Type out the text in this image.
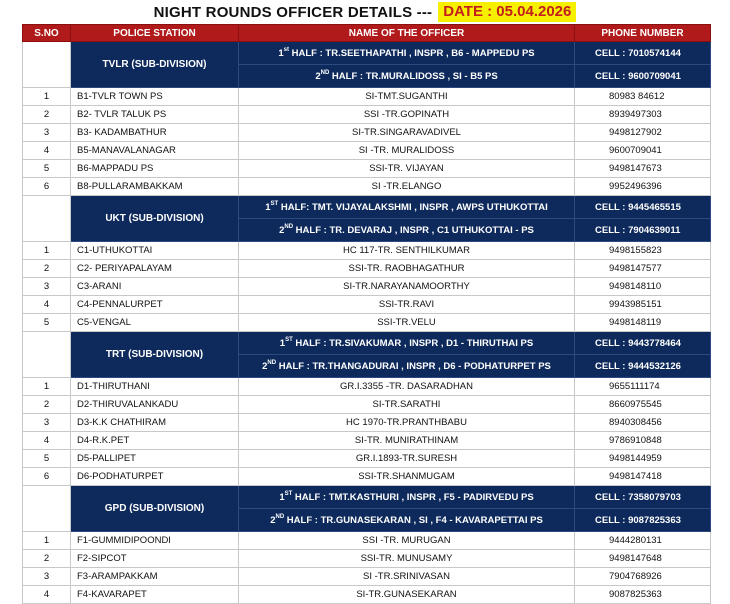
NIGHT ROUNDS OFFICER DETAILS --- DATE : 05.04.2026
S.NO	POLICE STATION	NAME OF THE OFFICER	PHONE NUMBER
	TVLR (SUB-DIVISION)	1st HALF : TR.SEETHAPATHI , INSPR , B6 - MAPPEDU PS	CELL : 7010574144
		2ND HALF : TR.MURALIDOSS , SI - B5 PS	CELL : 9600709041
1	B1-TVLR TOWN PS	SI-TMT.SUGANTHI	80983 84612
2	B2- TVLR TALUK PS	SSI -TR.GOPINATH	8939497303
3	B3- KADAMBATHUR	SI-TR.SINGARAVADIVEL	9498127902
4	B5-MANAVALANAGAR	SI -TR. MURALIDOSS	9600709041
5	B6-MAPPADU PS	SSI-TR. VIJAYAN	9498147673
6	B8-PULLARAMBAKKAM	SI -TR.ELANGO	9952496396
	UKT (SUB-DIVISION)	1ST HALF: TMT. VIJAYALAKSHMI , INSPR , AWPS UTHUKOTTAI	CELL : 9445465515
		2ND HALF : TR. DEVARAJ , INSPR , C1 UTHUKOTTAI - PS	CELL : 7904639011
1	C1-UTHUKOTTAI	HC 117-TR. SENTHILKUMAR	9498155823
2	C2- PERIYAPALAYAM	SSI-TR. RAOBHAGATHUR	9498147577
3	C3-ARANI	SI-TR.NARAYANAMOORTHY	9498148110
4	C4-PENNALURPET	SSI-TR.RAVI	9943985151
5	C5-VENGAL	SSI-TR.VELU	9498148119
	TRT (SUB-DIVISION)	1ST HALF : TR.SIVAKUMAR , INSPR , D1 - THIRUTHAI PS	CELL : 9443778464
		2ND HALF : TR.THANGADURAI , INSPR , D6 - PODHATURPET PS	CELL : 9444532126
1	D1-THIRUTHANI	GR.I.3355 -TR. DASARADHAN	9655111174
2	D2-THIRUVALANKADU	SI-TR.SARATHI	8660975545
3	D3-K.K CHATHIRAM	HC 1970-TR.PRANTHBABU	8940308456
4	D4-R.K.PET	SI-TR. MUNIRATHINAM	9786910848
5	D5-PALLIPET	GR.I.1893-TR.SURESH	9498144959
6	D6-PODHATURPET	SSI-TR.SHANMUGAM	9498147418
	GPD (SUB-DIVISION)	1ST HALF : TMT.KASTHURI , INSPR , F5 - PADIRVEDU PS	CELL : 7358079703
		2ND HALF : TR.GUNASEKARAN , SI , F4 - KAVARAPETTAI PS	CELL : 9087825363
1	F1-GUMMIDIPOONDI	SSI -TR. MURUGAN	9444280131
2	F2-SIPCOT	SSI-TR. MUNUSAMY	9498147648
3	F3-ARAMPAKKAM	SI -TR.SRINIVASAN	7904768926
4	F4-KAVARAPET	SI-TR.GUNASEKARAN	9087825363
